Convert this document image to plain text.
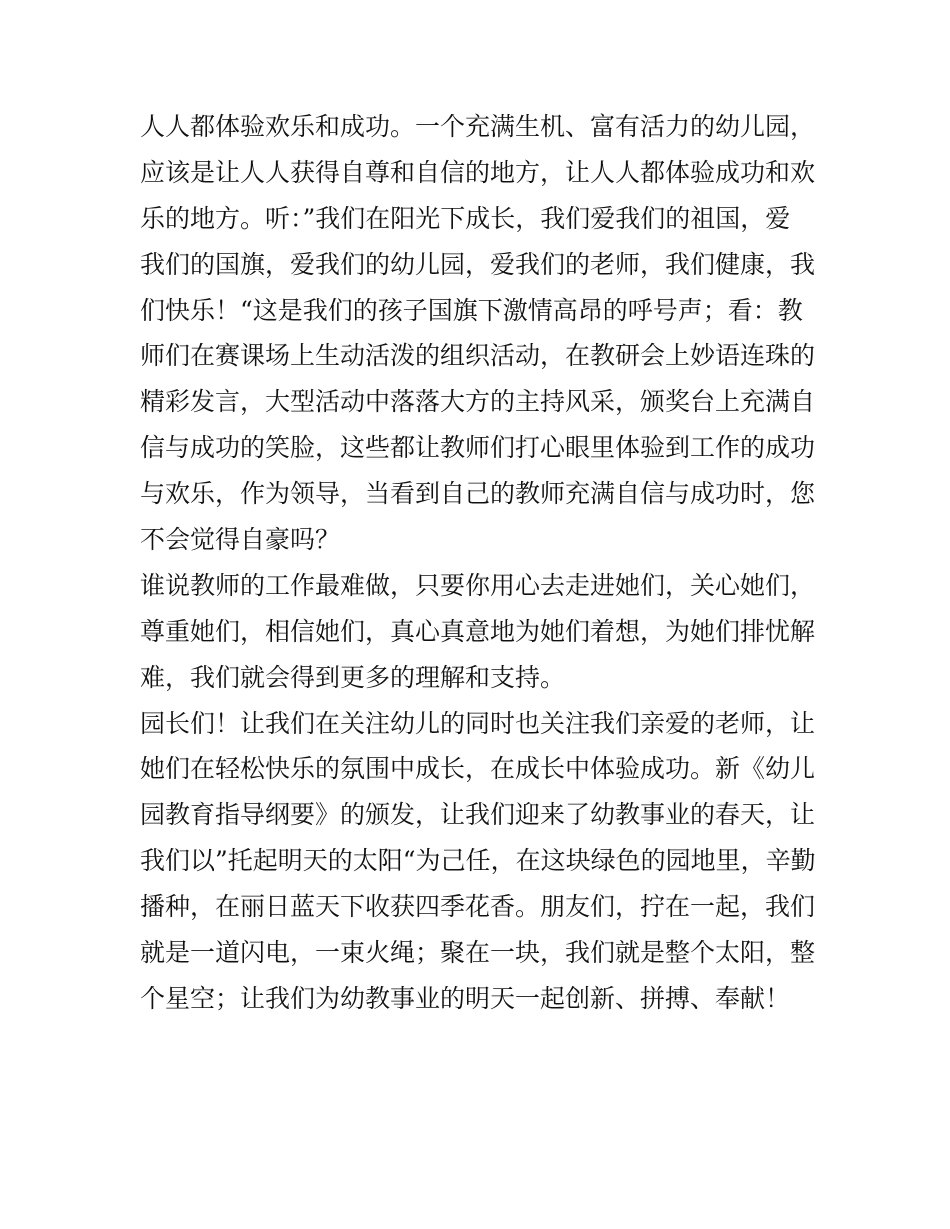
人人都体验欢乐和成功。一个充满生机、富有活力的幼儿园，
应该是让人人获得自尊和自信的地方，让人人都体验成功和欢
乐的地方。听：”我们在阳光下成长，我们爱我们的祖国，爱
我们的国旗，爱我们的幼儿园，爱我们的老师，我们健康，我
们快乐！“这是我们的孩子国旗下激情高昂的呼号声；看：教
师们在赛课场上生动活泼的组织活动，在教研会上妙语连珠的
精彩发言，大型活动中落落大方的主持风采，颁奖台上充满自
信与成功的笑脸，这些都让教师们打心眼里体验到工作的成功
与欢乐，作为领导，当看到自己的教师充满自信与成功时，您
不会觉得自豪吗？
谁说教师的工作最难做，只要你用心去走进她们，关心她们，
尊重她们，相信她们，真心真意地为她们着想，为她们排忧解
难，我们就会得到更多的理解和支持。
园长们！让我们在关注幼儿的同时也关注我们亲爱的老师，让
她们在轻松快乐的氛围中成长，在成长中体验成功。新《幼儿
园教育指导纲要》的颁发，让我们迎来了幼教事业的春天，让
我们以”托起明天的太阳“为己任，在这块绿色的园地里，辛勤
播种，在丽日蓝天下收获四季花香。朋友们，拧在一起，我们
就是一道闪电，一束火绳；聚在一块，我们就是整个太阳，整
个星空；让我们为幼教事业的明天一起创新、拼搏、奉献！
